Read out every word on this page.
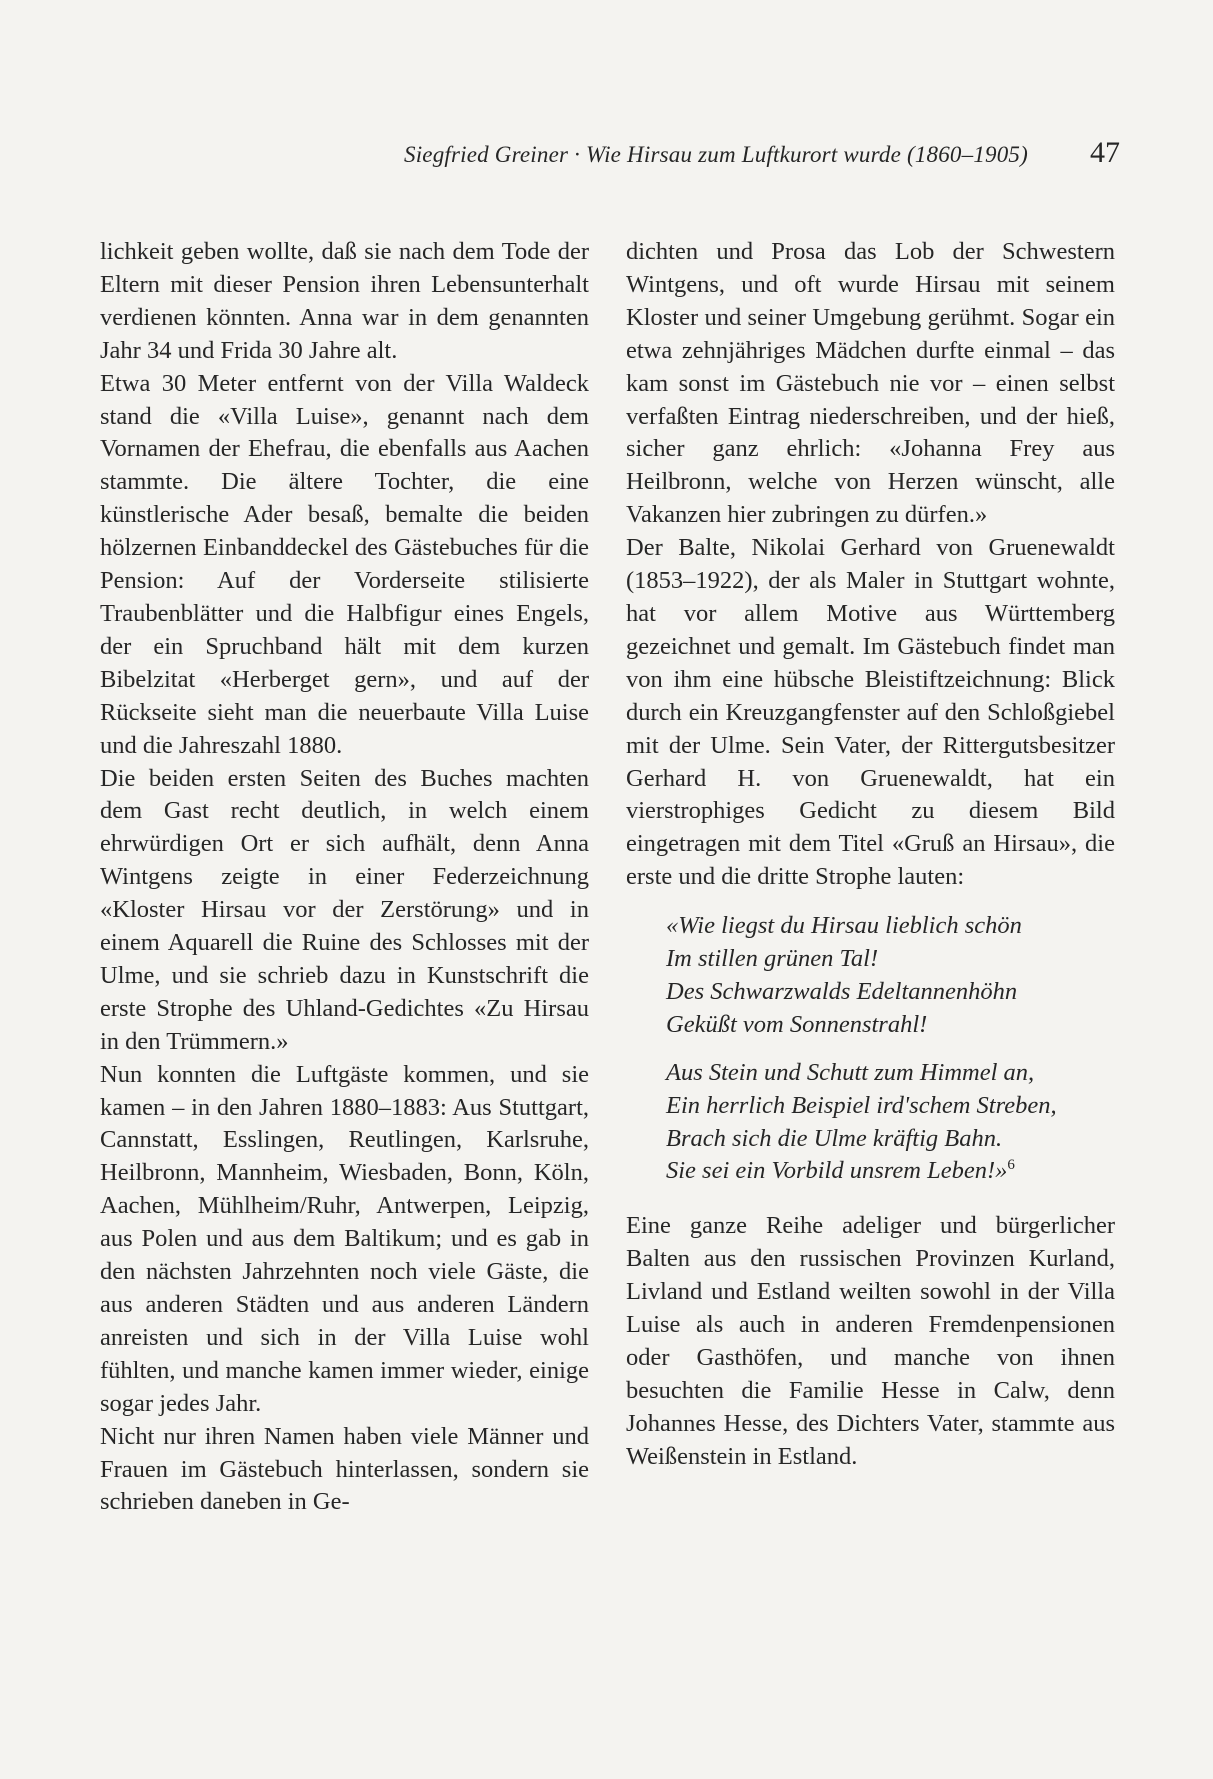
Siegfried Greiner · Wie Hirsau zum Luftkurort wurde (1860–1905) 47

lichkeit geben wollte, daß sie nach dem Tode der Eltern mit dieser Pension ihren Lebensunterhalt verdienen könnten. Anna war in dem genannten Jahr 34 und Frida 30 Jahre alt.

Etwa 30 Meter entfernt von der Villa Waldeck stand die «Villa Luise», genannt nach dem Vornamen der Ehefrau, die ebenfalls aus Aachen stammte. Die ältere Tochter, die eine künstlerische Ader besaß, bemalte die beiden hölzernen Einbanddeckel des Gästebuches für die Pension: Auf der Vorderseite stilisierte Traubenblätter und die Halbfigur eines Engels, der ein Spruchband hält mit dem kurzen Bibelzitat «Herberget gern», und auf der Rückseite sieht man die neuerbaute Villa Luise und die Jahreszahl 1880.

Die beiden ersten Seiten des Buches machten dem Gast recht deutlich, in welch einem ehrwürdigen Ort er sich aufhält, denn Anna Wintgens zeigte in einer Federzeichnung «Kloster Hirsau vor der Zerstörung» und in einem Aquarell die Ruine des Schlosses mit der Ulme, und sie schrieb dazu in Kunstschrift die erste Strophe des Uhland-Gedichtes «Zu Hirsau in den Trümmern.»

Nun konnten die Luftgäste kommen, und sie kamen – in den Jahren 1880–1883: Aus Stuttgart, Cannstatt, Esslingen, Reutlingen, Karlsruhe, Heilbronn, Mannheim, Wiesbaden, Bonn, Köln, Aachen, Mühlheim/Ruhr, Antwerpen, Leipzig, aus Polen und aus dem Baltikum; und es gab in den nächsten Jahrzehnten noch viele Gäste, die aus anderen Städten und aus anderen Ländern anreisten und sich in der Villa Luise wohl fühlten, und manche kamen immer wieder, einige sogar jedes Jahr.

Nicht nur ihren Namen haben viele Männer und Frauen im Gästebuch hinterlassen, sondern sie schrieben daneben in Ge-

dichten und Prosa das Lob der Schwestern Wintgens, und oft wurde Hirsau mit seinem Kloster und seiner Umgebung gerühmt. Sogar ein etwa zehnjähriges Mädchen durfte einmal – das kam sonst im Gästebuch nie vor – einen selbst verfaßten Eintrag niederschreiben, und der hieß, sicher ganz ehrlich: «Johanna Frey aus Heilbronn, welche von Herzen wünscht, alle Vakanzen hier zubringen zu dürfen.»

Der Balte, Nikolai Gerhard von Gruenewaldt (1853–1922), der als Maler in Stuttgart wohnte, hat vor allem Motive aus Württemberg gezeichnet und gemalt. Im Gästebuch findet man von ihm eine hübsche Bleistiftzeichnung: Blick durch ein Kreuzgangfenster auf den Schloßgiebel mit der Ulme. Sein Vater, der Rittergutsbesitzer Gerhard H. von Gruenewaldt, hat ein vierstrophiges Gedicht zu diesem Bild eingetragen mit dem Titel «Gruß an Hirsau», die erste und die dritte Strophe lauten:

«Wie liegst du Hirsau lieblich schön
Im stillen grünen Tal!
Des Schwarzwalds Edeltannenhöhn
Geküßt vom Sonnenstrahl!
Aus Stein und Schutt zum Himmel an,
Ein herrlich Beispiel ird'schem Streben,
Brach sich die Ulme kräftig Bahn.
Sie sei ein Vorbild unsrem Leben!»$^6$

Eine ganze Reihe adeliger und bürgerlicher Balten aus den russischen Provinzen Kurland, Livland und Estland weilten sowohl in der Villa Luise als auch in anderen Fremdenpensionen oder Gasthöfen, und manche von ihnen besuchten die Familie Hesse in Calw, denn Johannes Hesse, des Dichters Vater, stammte aus Weißenstein in Estland.
